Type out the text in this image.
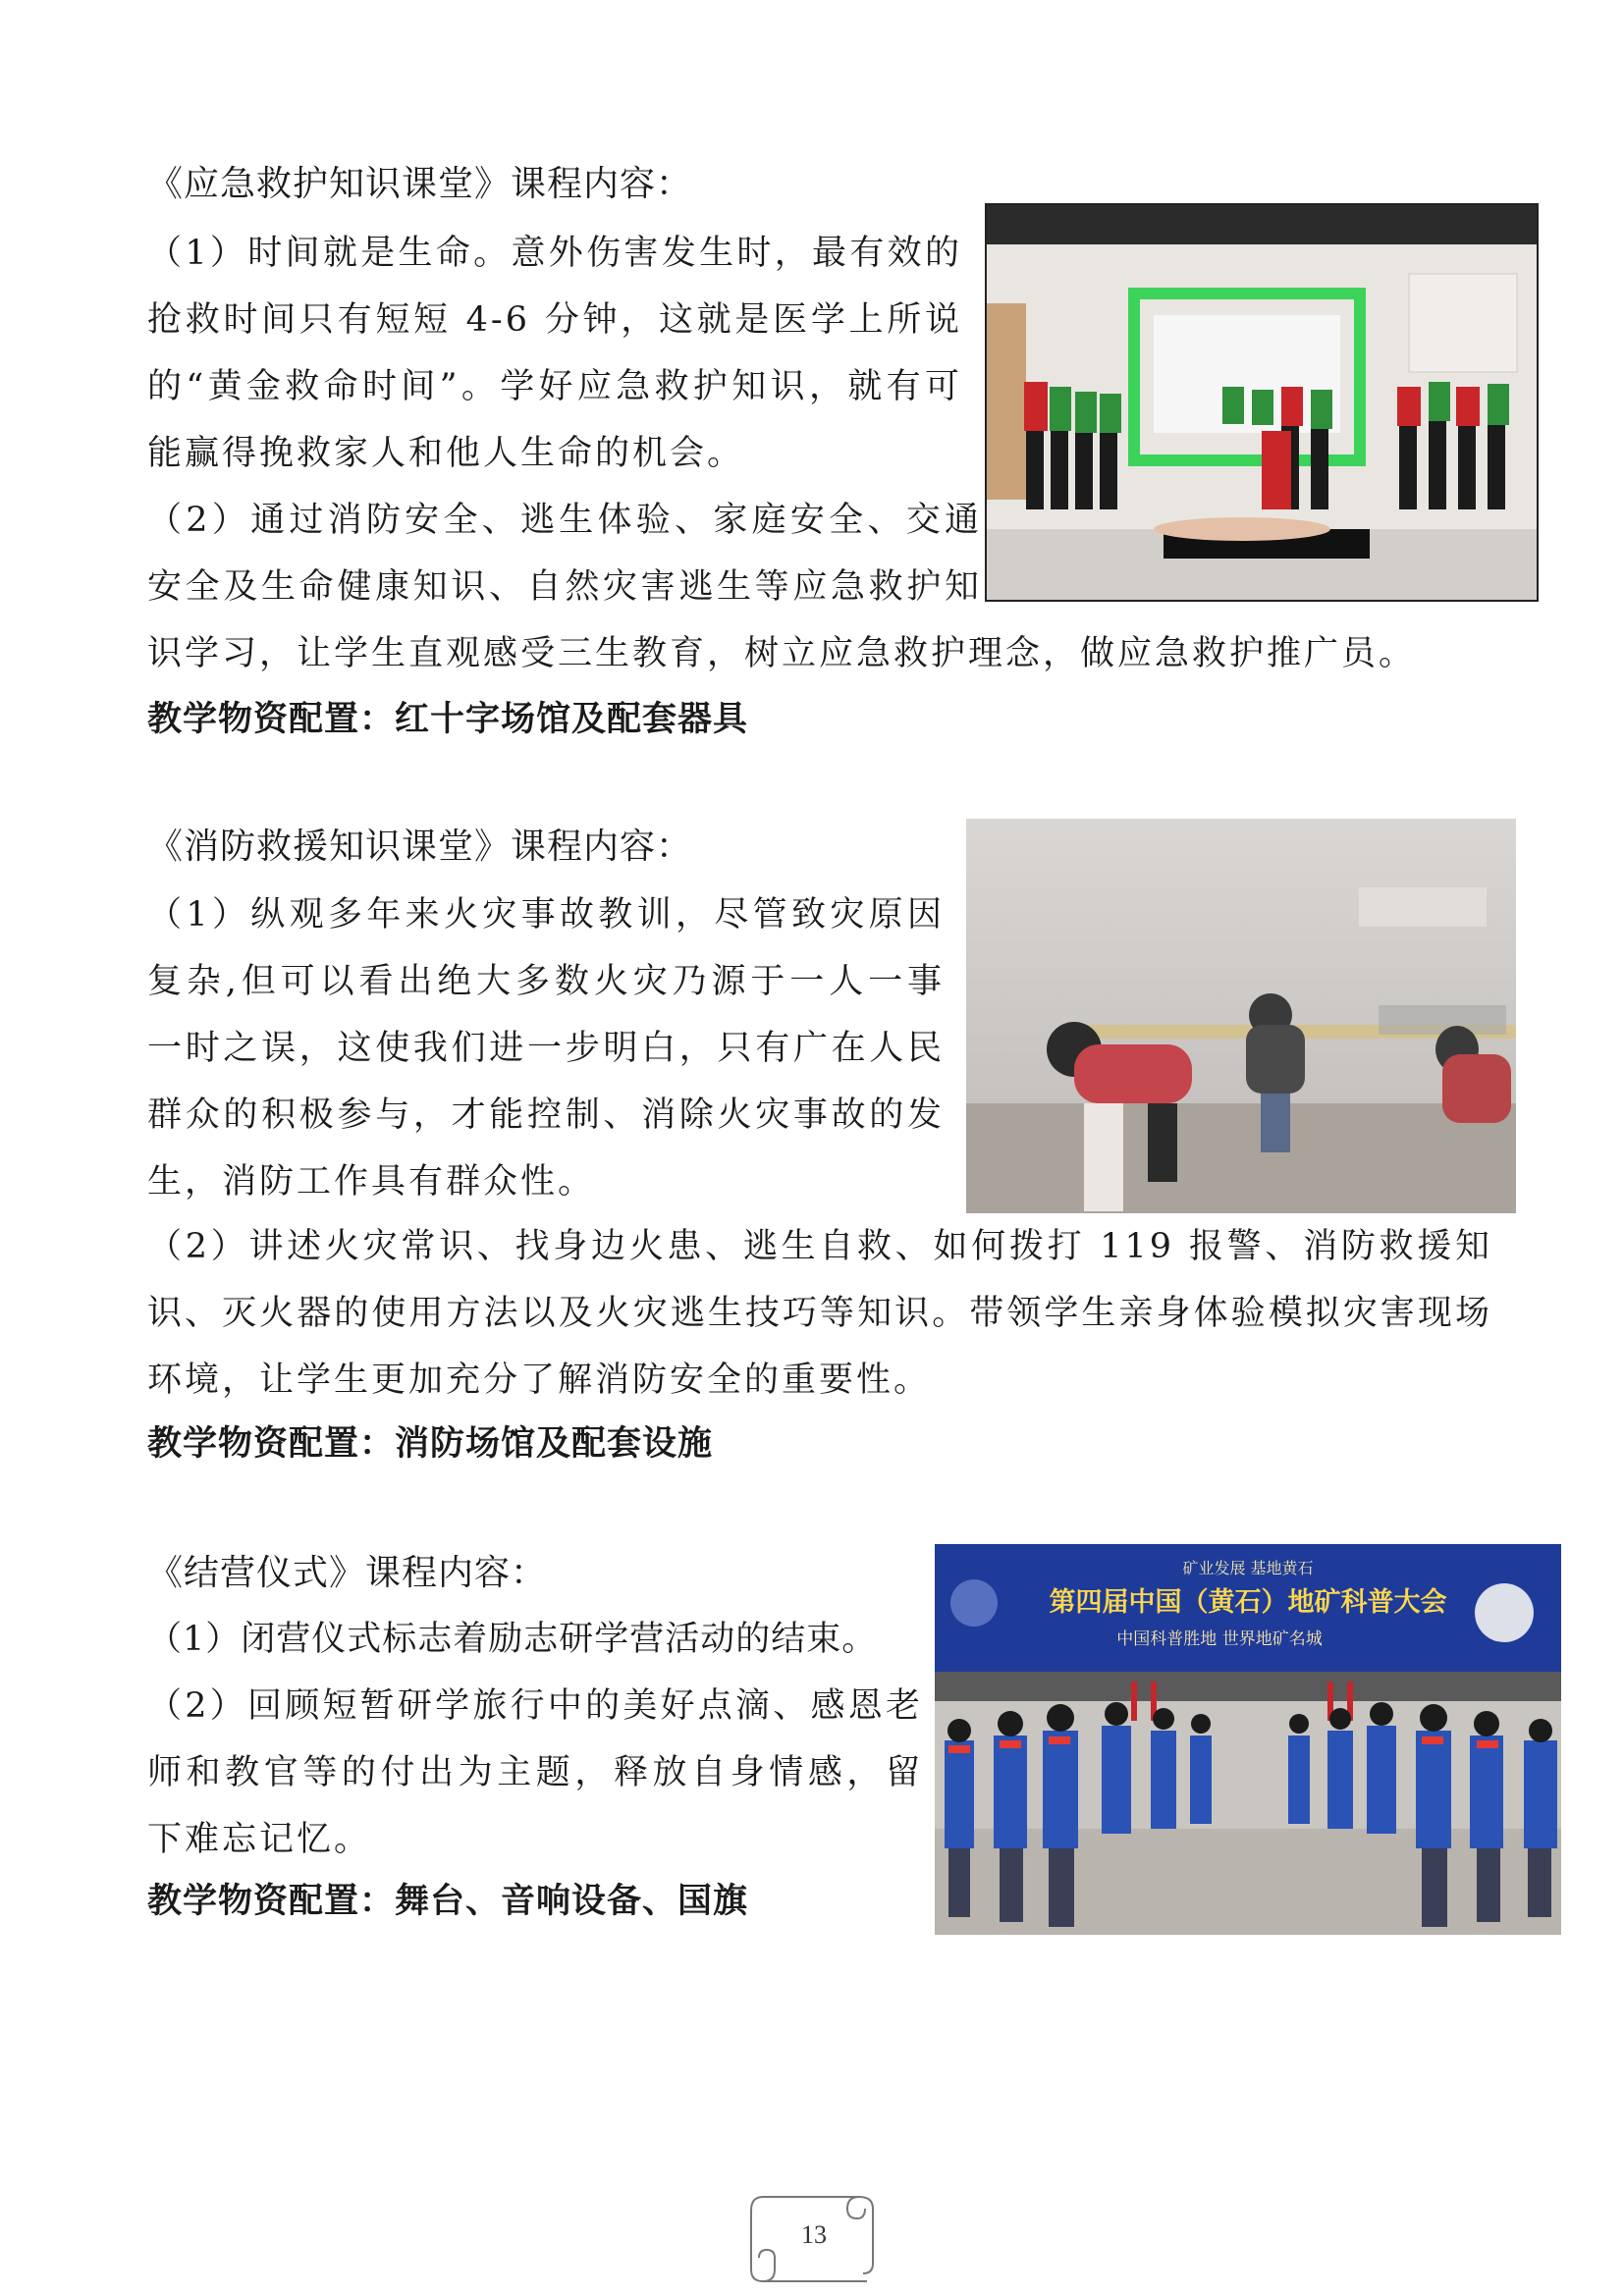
《应急救护知识课堂》课程内容：

（1）时间就是生命。意外伤害发生时，最有效的抢救时间只有短短 4-6 分钟，这就是医学上所说的“黄金救命时间”。学好应急救护知识，就有可能赢得挽救家人和他人生命的机会。

（2）通过消防安全、逃生体验、家庭安全、交通安全及生命健康知识、自然灾害逃生等应急救护知识学习，让学生直观感受三生教育，树立应急救护理念，做应急救护推广员。

教学物资配置：红十字场馆及配套器具

《消防救援知识课堂》课程内容：

（1）纵观多年来火灾事故教训，尽管致灾原因复杂,但可以看出绝大多数火灾乃源于一人一事一时之误，这使我们进一步明白，只有广在人民群众的积极参与，才能控制、消除火灾事故的发生，消防工作具有群众性。

（2）讲述火灾常识、找身边火患、逃生自救、如何拨打 119 报警、消防救援知识、灭火器的使用方法以及火灾逃生技巧等知识。带领学生亲身体验模拟灾害现场环境，让学生更加充分了解消防安全的重要性。

教学物资配置：消防场馆及配套设施

《结营仪式》课程内容：

（1）闭营仪式标志着励志研学营活动的结束。

（2）回顾短暂研学旅行中的美好点滴、感恩老师和教官等的付出为主题，释放自身情感，留下难忘记忆。

教学物资配置：舞台、音响设备、国旗

矿业发展 基地黄石
第四届中国（黄石）地矿科普大会
中国科普胜地 世界地矿名城
13
